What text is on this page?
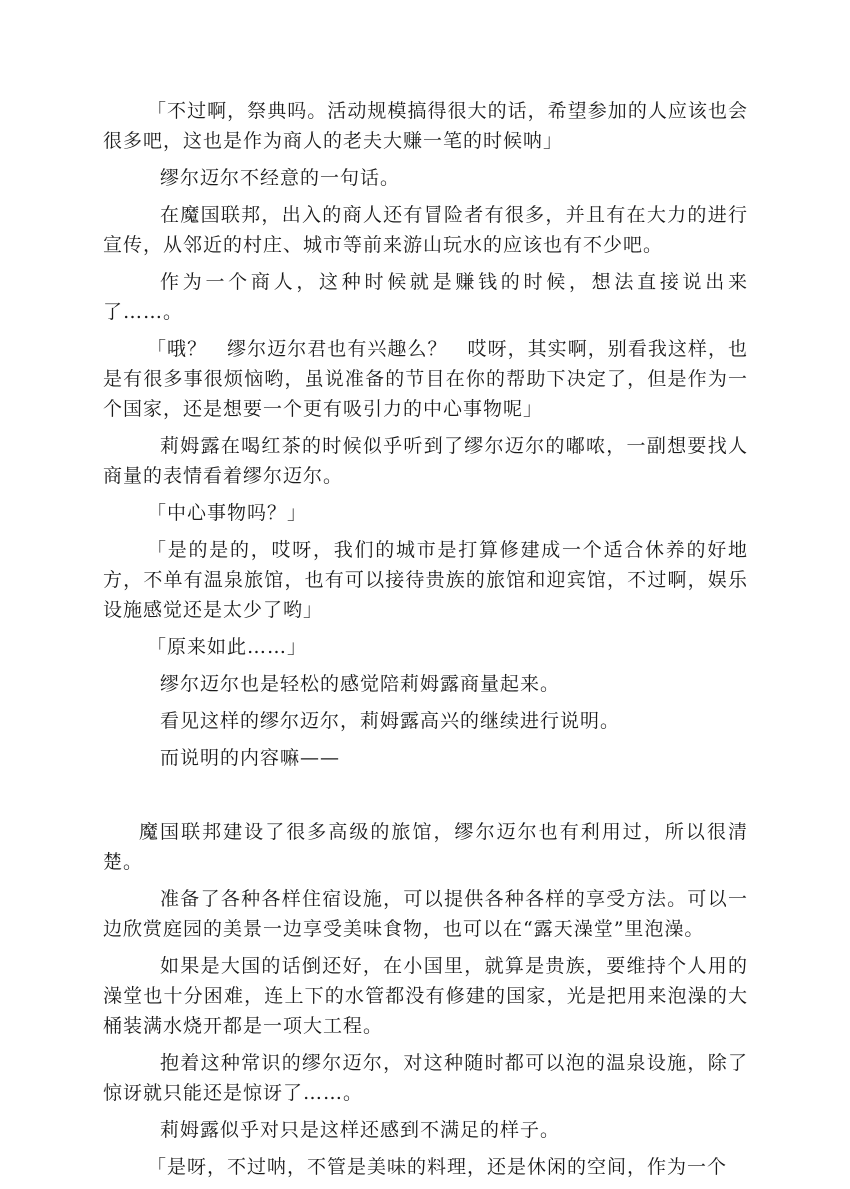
「不过啊，祭典吗。活动规模搞得很大的话，希望参加的人应该也会很多吧，这也是作为商人的老夫大赚一笔的时候呐」

缪尔迈尔不经意的一句话。

在魔国联邦，出入的商人还有冒险者有很多，并且有在大力的进行宣传，从邻近的村庄、城市等前来游山玩水的应该也有不少吧。

作为一个商人，这种时候就是赚钱的时候，想法直接说出来了……。

「哦？　缪尔迈尔君也有兴趣么？　哎呀，其实啊，别看我这样，也是有很多事很烦恼哟，虽说准备的节目在你的帮助下决定了，但是作为一个国家，还是想要一个更有吸引力的中心事物呢」

莉姆露在喝红茶的时候似乎听到了缪尔迈尔的嘟哝，一副想要找人商量的表情看着缪尔迈尔。

「中心事物吗？」

「是的是的，哎呀，我们的城市是打算修建成一个适合休养的好地方，不单有温泉旅馆，也有可以接待贵族的旅馆和迎宾馆，不过啊，娱乐设施感觉还是太少了哟」

「原来如此……」

缪尔迈尔也是轻松的感觉陪莉姆露商量起来。

看见这样的缪尔迈尔，莉姆露高兴的继续进行说明。

而说明的内容嘛——

魔国联邦建设了很多高级的旅馆，缪尔迈尔也有利用过，所以很清楚。

准备了各种各样住宿设施，可以提供各种各样的享受方法。可以一边欣赏庭园的美景一边享受美味食物，也可以在“露天澡堂”里泡澡。

如果是大国的话倒还好，在小国里，就算是贵族，要维持个人用的澡堂也十分困难，连上下的水管都没有修建的国家，光是把用来泡澡的大桶装满水烧开都是一项大工程。

抱着这种常识的缪尔迈尔，对这种随时都可以泡的温泉设施，除了惊讶就只能还是惊讶了……。

莉姆露似乎对只是这样还感到不满足的样子。

「是呀，不过呐，不管是美味的料理，还是休闲的空间，作为一个
